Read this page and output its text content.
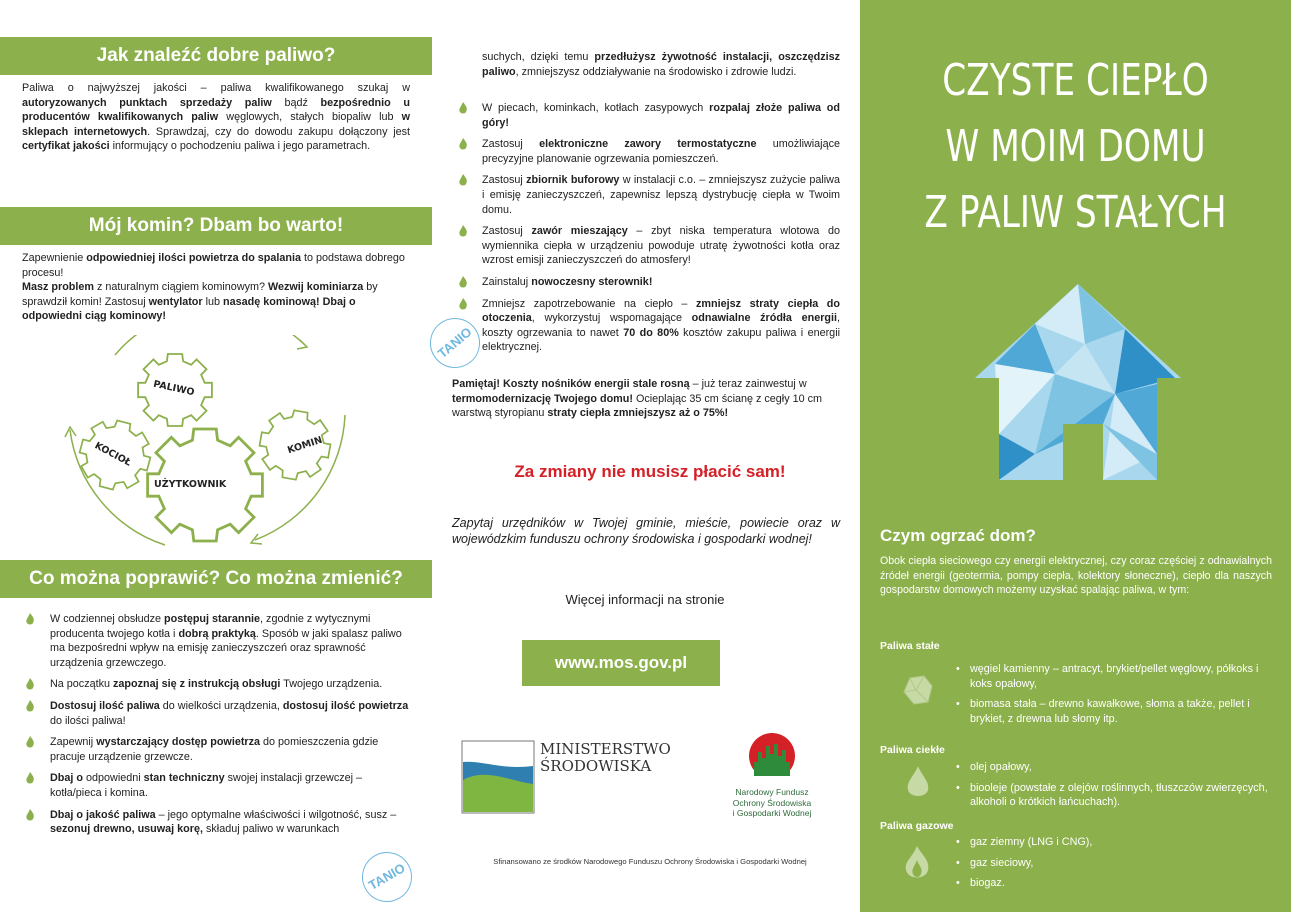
Jak znaleźć dobre paliwo?

Paliwa o najwyższej jakości – paliwa kwalifikowanego szukaj w autoryzowanych punktach sprzedaży paliw bądź bezpośrednio u producentów kwalifikowanych paliw węglowych, stałych biopaliw lub w sklepach internetowych. Sprawdzaj, czy do dowodu zakupu dołączony jest certyfikat jakości informujący o pochodzeniu paliwa i jego parametrach.

Mój komin? Dbam bo warto!

Zapewnienie odpowiedniej ilości powietrza do spalania to podstawa dobrego procesu!
Masz problem z naturalnym ciągiem kominowym? Wezwij kominiarza by sprawdził komin! Zastosuj wentylator lub nasadę kominową! Dbaj o odpowiedni ciąg kominowy!

PALIWO
KOCIOŁ
UŻYTKOWNIK
KOMIN
Co można poprawić? Co można zmienić?
W codziennej obsłudze postępuj starannie, zgodnie z wytycznymi producenta twojego kotła i dobrą praktyką. Sposób w jaki spalasz paliwo ma bezpośredni wpływ na emisję zanieczyszczeń oraz sprawność urządzenia grzewczego.
Na początku zapoznaj się z instrukcją obsługi Twojego urządzenia.
Dostosuj ilość paliwa do wielkości urządzenia, dostosuj ilość powietrza do ilości paliwa!
Zapewnij wystarczający dostęp powietrza do pomieszczenia gdzie pracuje urządzenie grzewcze.
Dbaj o odpowiedni stan techniczny swojej instalacji grzewczej – kotła/pieca i komina.
Dbaj o jakość paliwa – jego optymalne właściwości i wilgotność, susz – sezonuj drewno, usuwaj korę, składuj paliwo w warunkach
TANIO

suchych, dzięki temu przedłużysz żywotność instalacji, oszczędzisz paliwo, zmniejszysz oddziaływanie na środowisko i zdrowie ludzi.

W piecach, kominkach, kotłach zasypowych rozpalaj złoże paliwa od góry!
Zastosuj elektroniczne zawory termostatyczne umożliwiające precyzyjne planowanie ogrzewania pomieszczeń.
Zastosuj zbiornik buforowy w instalacji c.o. – zmniejszysz zużycie paliwa i emisję zanieczyszczeń, zapewnisz lepszą dystrybucję ciepła w Twoim domu.
Zastosuj zawór mieszający – zbyt niska temperatura wlotowa do wymiennika ciepła w urządzeniu powoduje utratę żywotności kotła oraz wzrost emisji zanieczyszczeń do atmosfery!
Zainstaluj nowoczesny sterownik!
Zmniejsz zapotrzebowanie na ciepło – zmniejsz straty ciepła do otoczenia, wykorzystuj wspomagające odnawialne źródła energii, koszty ogrzewania to nawet 70 do 80% kosztów zakupu paliwa i energii elektrycznej.
TANIO

Pamiętaj! Koszty nośników energii stale rosną – już teraz zainwestuj w termomodernizację Twojego domu! Ocieplając 35 cm ścianę z cegły 10 cm warstwą styropianu straty ciepła zmniejszysz aż o 75%!

Za zmiany nie musisz płacić sam!

Zapytaj urzędników w Twojej gminie, mieście, powiecie oraz w wojewódzkim funduszu ochrony środowiska i gospodarki wodnej!

Więcej informacji na stronie
www.mos.gov.pl
MINISTERSTWO
ŚRODOWISKA
Narodowy Fundusz
Ochrony Środowiska
i Gospodarki Wodnej
Sfinansowano ze środków Narodowego Funduszu Ochrony Środowiska i Gospodarki Wodnej
CZYSTE CIEPŁO
W MOIM DOMU
Z PALIW STAŁYCH
Czym ogrzać dom?

Obok ciepła sieciowego czy energii elektrycznej, czy coraz częściej z odnawialnych źródeł energii (geotermia, pompy ciepła, kolektory słoneczne), ciepło dla naszych gospodarstw domowych możemy uzyskać spalając paliwa, w tym:

Paliwa stałe
• węgiel kamienny – antracyt, brykiet/pellet węglowy, półkoks i koks opałowy,
• biomasa stała – drewno kawałkowe, słoma a także, pellet i brykiet, z drewna lub słomy itp.
Paliwa ciekłe
• olej opałowy,
• biooleje (powstałe z olejów roślinnych, tłuszczów zwierzęcych, alkoholi o krótkich łańcuchach).
Paliwa gazowe
• gaz ziemny (LNG i CNG),
• gaz sieciowy,
• biogaz.
